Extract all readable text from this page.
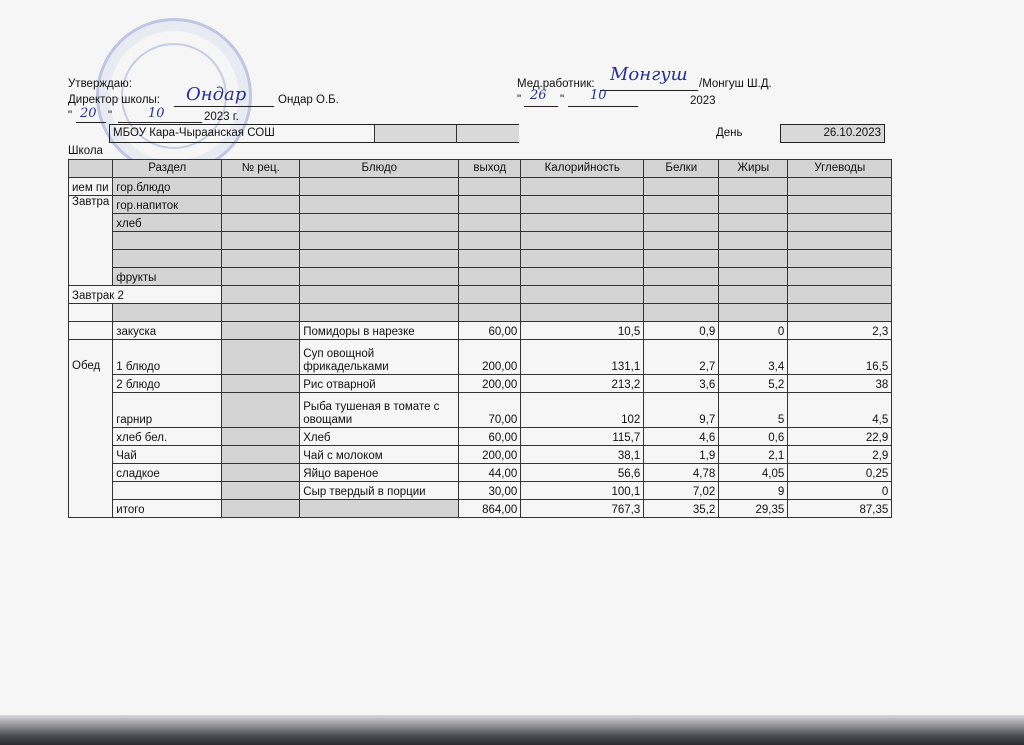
Утверждаю:
Директор школы: Ондар	Ондар О.Б.
" 20 "	10	2023 г.
Мед.работник: Монгуш /Монгуш Ш.Д.
" 26 " 10	2023
Школа
МБОУ Кара-Чыраанская СОШ	День	26.10.2023
	Раздел	№ рец.	Блюдо	выход	Калорийность	Белки	Жиры	Углеводы
ием пи	гор.блюдо							
Завтра	гор.напиток							
	хлеб							

	фрукты							
Завтрак 2								

	закуска		Помидоры в нарезке	60,00	10,5	0,9	0	2,3
Обед	1 блюдо		Суп овощной фрикадельками	200,00	131,1	2,7	3,4	16,5
	2 блюдо		Рис отварной	200,00	213,2	3,6	5,2	38
	гарнир		Рыба тушеная в томате с овощами	70,00	102	9,7	5	4,5
	хлеб бел.		Хлеб	60,00	115,7	4,6	0,6	22,9
	Чай		Чай с молоком	200,00	38,1	1,9	2,1	2,9
	сладкое		Яйцо вареное	44,00	56,6	4,78	4,05	0,25
			Сыр твердый в порции	30,00	100,1	7,02	9	0
	итого			864,00	767,3	35,2	29,35	87,35
